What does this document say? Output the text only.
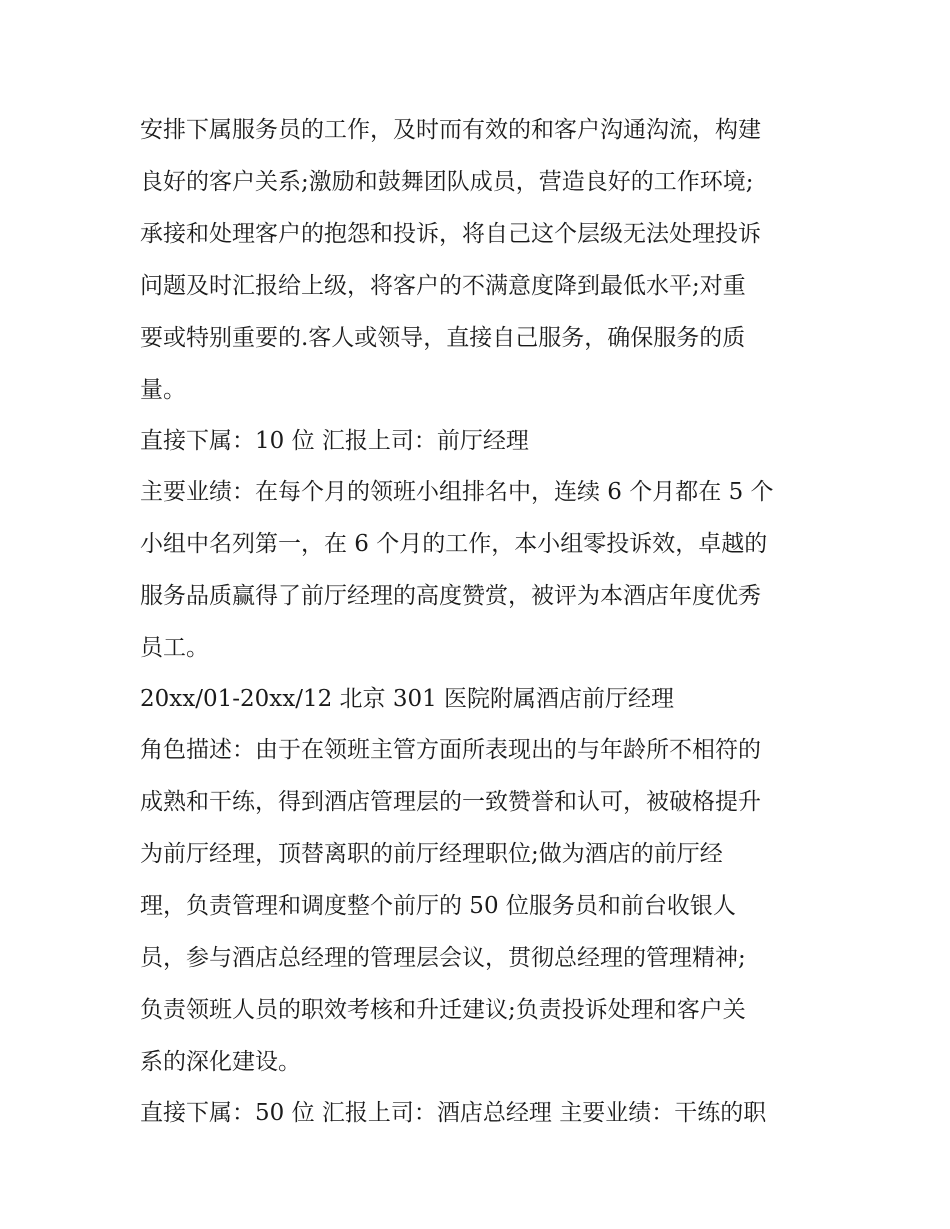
安排下属服务员的工作，及时而有效的和客户沟通沟流，构建
良好的客户关系;激励和鼓舞团队成员，营造良好的工作环境;
承接和处理客户的抱怨和投诉，将自己这个层级无法处理投诉
问题及时汇报给上级，将客户的不满意度降到最低水平;对重
要或特别重要的.客人或领导，直接自己服务，确保服务的质
量。
直接下属：10 位 汇报上司：前厅经理
主要业绩：在每个月的领班小组排名中，连续 6 个月都在 5 个
小组中名列第一，在 6 个月的工作，本小组零投诉效，卓越的
服务品质赢得了前厅经理的高度赞赏，被评为本酒店年度优秀
员工。
20xx/01-20xx/12 北京 301 医院附属酒店前厅经理
角色描述：由于在领班主管方面所表现出的与年龄所不相符的
成熟和干练，得到酒店管理层的一致赞誉和认可，被破格提升
为前厅经理，顶替离职的前厅经理职位;做为酒店的前厅经
理，负责管理和调度整个前厅的 50 位服务员和前台收银人
员，参与酒店总经理的管理层会议，贯彻总经理的管理精神;
负责领班人员的职效考核和升迁建议;负责投诉处理和客户关
系的深化建设。
直接下属：50 位 汇报上司：酒店总经理 主要业绩：干练的职
